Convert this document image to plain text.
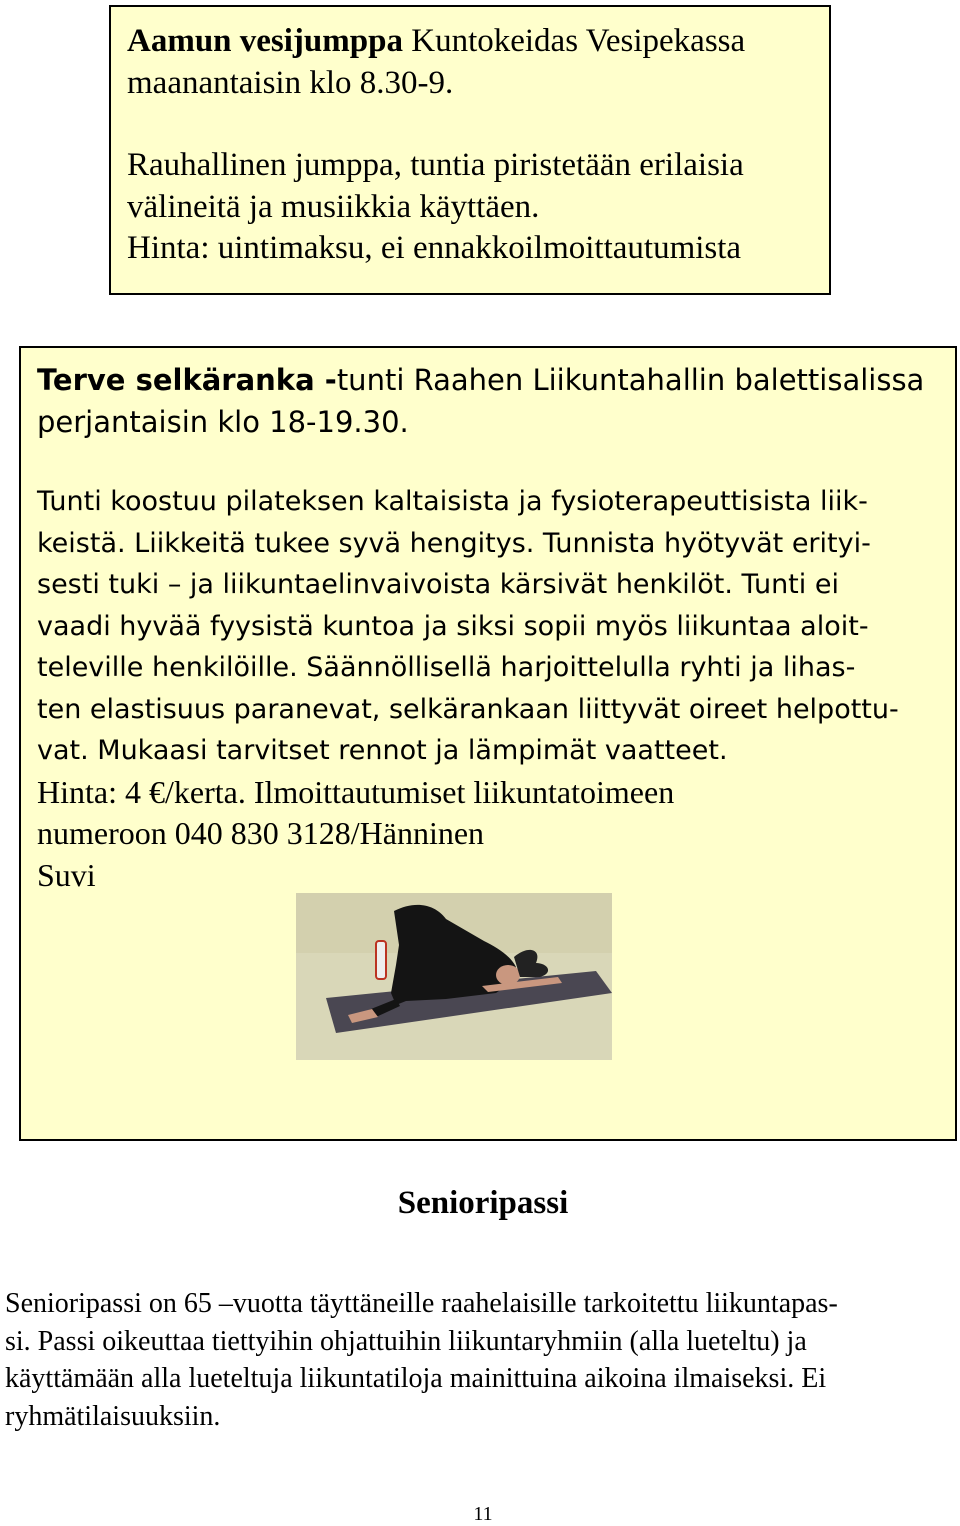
Aamun vesijumppa Kuntokeidas Vesipekassa

maanantaisin klo 8.30-9.

Rauhallinen jumppa, tuntia piristetään erilaisia

välineitä ja musiikkia käyttäen.

Hinta: uintimaksu, ei ennakkoilmoittautumista

Terve selkäranka -tunti Raahen Liikuntahallin balettisalissa

perjantaisin klo 18-19.30.

Tunti koostuu pilateksen kaltaisista ja fysioterapeuttisista liik-

keistä. Liikkeitä tukee syvä hengitys. Tunnista hyötyvät erityi-

sesti tuki – ja liikuntaelinvaivoista kärsivät henkilöt. Tunti ei

vaadi hyvää fyysistä kuntoa ja siksi sopii myös liikuntaa aloit-

televille henkilöille. Säännöllisellä harjoittelulla ryhti ja lihas-

ten elastisuus paranevat, selkärankaan liittyvät oireet helpottu-

vat. Mukaasi tarvitset rennot ja lämpimät vaatteet.

Hinta: 4 €/kerta. Ilmoittautumiset liikuntatoimeen

numeroon 040 830 3128/Hänninen

Suvi

Senioripassi
Senioripassi on 65 –vuotta täyttäneille raahelaisille tarkoitettu liikuntapas-
si. Passi oikeuttaa tiettyihin ohjattuihin liikuntaryhmiin (alla lueteltu) ja
käyttämään alla lueteltuja liikuntatiloja mainittuina aikoina ilmaiseksi. Ei
ryhmätilaisuuksiin.
11
